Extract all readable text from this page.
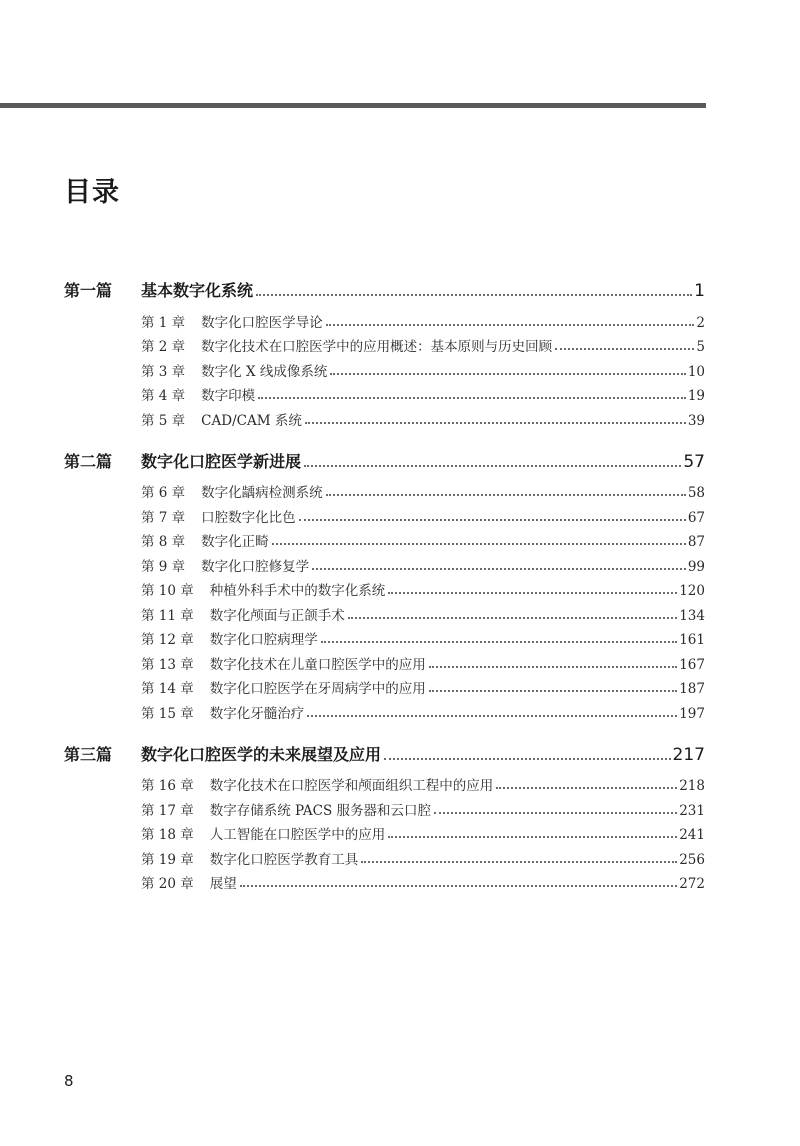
目录
第一篇	基本数字化系统	1
第 1 章 数字化口腔医学导论	2
第 2 章 数字化技术在口腔医学中的应用概述：基本原则与历史回顾	5
第 3 章 数字化 X 线成像系统	10
第 4 章 数字印模	19
第 5 章 CAD/CAM 系统	39
第二篇	数字化口腔医学新进展	57
第 6 章 数字化龋病检测系统	58
第 7 章 口腔数字化比色	67
第 8 章 数字化正畸	87
第 9 章 数字化口腔修复学	99
第 10 章 种植外科手术中的数字化系统	120
第 11 章 数字化颅面与正颌手术	134
第 12 章 数字化口腔病理学	161
第 13 章 数字化技术在儿童口腔医学中的应用	167
第 14 章 数字化口腔医学在牙周病学中的应用	187
第 15 章 数字化牙髓治疗	197
第三篇	数字化口腔医学的未来展望及应用	217
第 16 章 数字化技术在口腔医学和颅面组织工程中的应用	218
第 17 章 数字存储系统 PACS 服务器和云口腔	231
第 18 章 人工智能在口腔医学中的应用	241
第 19 章 数字化口腔医学教育工具	256
第 20 章 展望	272
8
